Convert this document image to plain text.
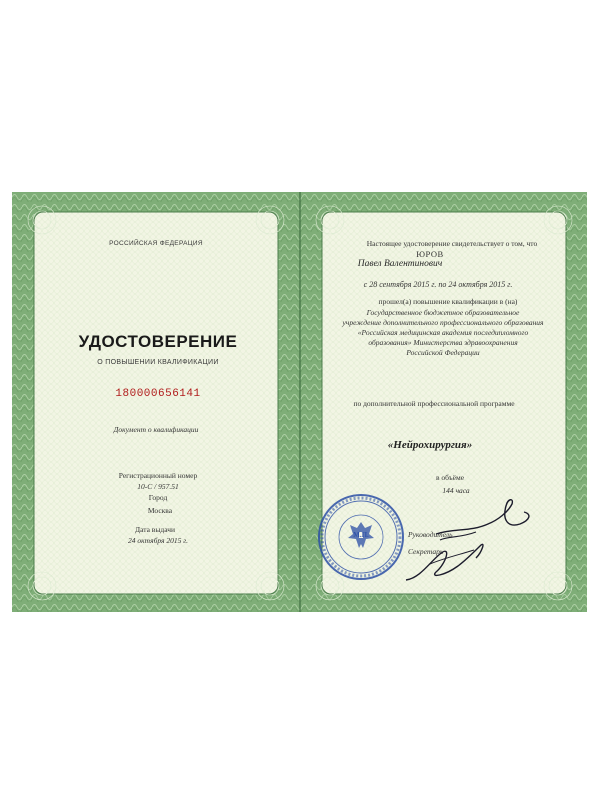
РОССИЙСКАЯ ФЕДЕРАЦИЯ
УДОСТОВЕРЕНИЕ
О ПОВЫШЕНИИ КВАЛИФИКАЦИИ
180000656141
Документ о квалификации
Регистрационный номер
10-С / 957.51
Город
Москва
Дата выдачи
24 октября 2015 г.
Настоящее удостоверение свидетельствует о том, что
ЮРОВ
Павел Валентинович
с 28 сентября 2015 г. по 24 октября 2015 г.
прошел(а) повышение квалификации в (на)
Государственное бюджетное образовательное
учреждение дополнительного профессионального образования
«Российская медицинская академия последипломного
образования» Министерства здравоохранения
Российской Федерации
по дополнительной профессиональной программе
«Нейрохирургия»
в объёме
144 часа
Руководитель
Секретарь
М.П.
